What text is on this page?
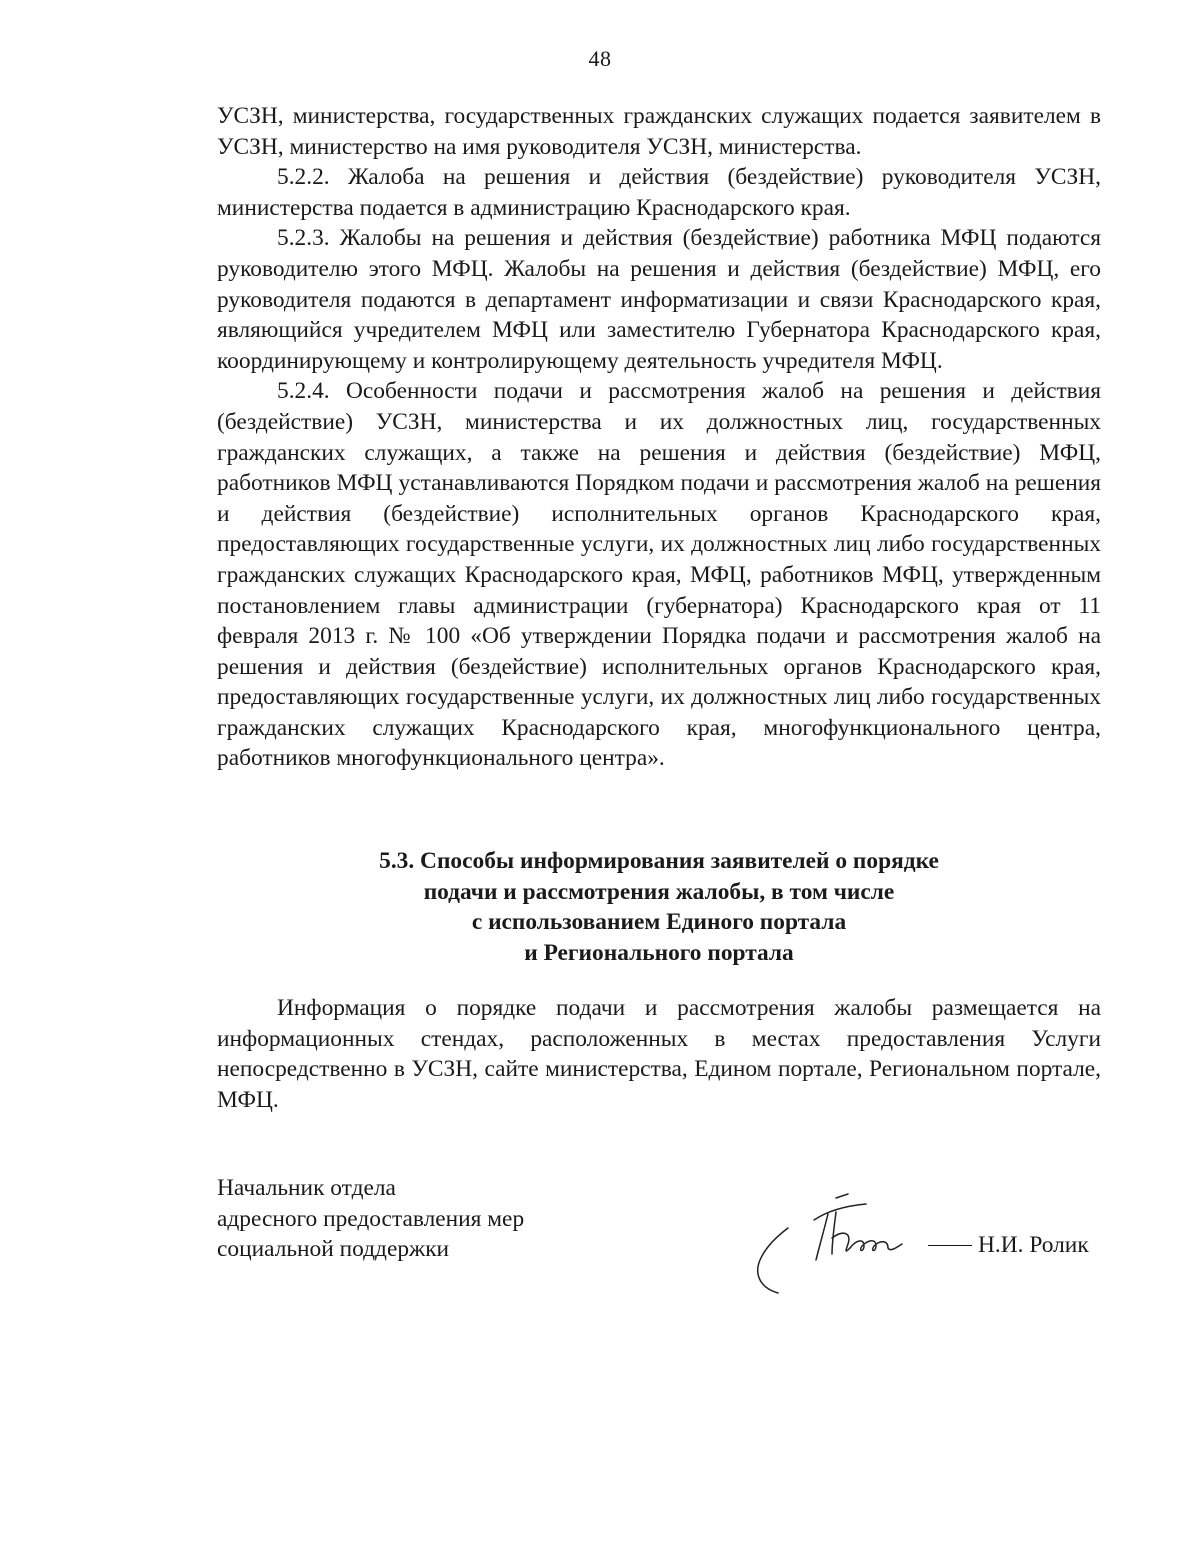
48

УСЗН, министерства, государственных гражданских служащих подается заявителем в УСЗН, министерство на имя руководителя УСЗН, министерства.

5.2.2. Жалоба на решения и действия (бездействие) руководителя УСЗН, министерства подается в администрацию Краснодарского края.

5.2.3. Жалобы на решения и действия (бездействие) работника МФЦ подаются руководителю этого МФЦ. Жалобы на решения и действия (бездействие) МФЦ, его руководителя подаются в департамент информатизации и связи Краснодарского края, являющийся учредителем МФЦ или заместителю Губернатора Краснодарского края, координирующему и контролирующему деятельность учредителя МФЦ.

5.2.4. Особенности подачи и рассмотрения жалоб на решения и действия (бездействие) УСЗН, министерства и их должностных лиц, государственных гражданских служащих, а также на решения и действия (бездействие) МФЦ, работников МФЦ устанавливаются Порядком подачи и рассмотрения жалоб на решения и действия (бездействие) исполнительных органов Краснодарского края, предоставляющих государственные услуги, их должностных лиц либо государственных гражданских служащих Краснодарского края, МФЦ, работников МФЦ, утвержденным постановлением главы администрации (губернатора) Краснодарского края от 11 февраля 2013 г. № 100 «Об утверждении Порядка подачи и рассмотрения жалоб на решения и действия (бездействие) исполнительных органов Краснодарского края, предоставляющих государственные услуги, их должностных лиц либо государственных гражданских служащих Краснодарского края, многофункционального центра, работников многофункционального центра».

5.3. Способы информирования заявителей о порядке
подачи и рассмотрения жалобы, в том числе
с использованием Единого портала
и Регионального портала

Информация о порядке подачи и рассмотрения жалобы размещается на информационных стендах, расположенных в местах предоставления Услуги непосредственно в УСЗН, сайте министерства, Едином портале, Региональном портале, МФЦ.

Начальник отдела
адресного предоставления мер
социальной поддержки	Н.И. Ролик
